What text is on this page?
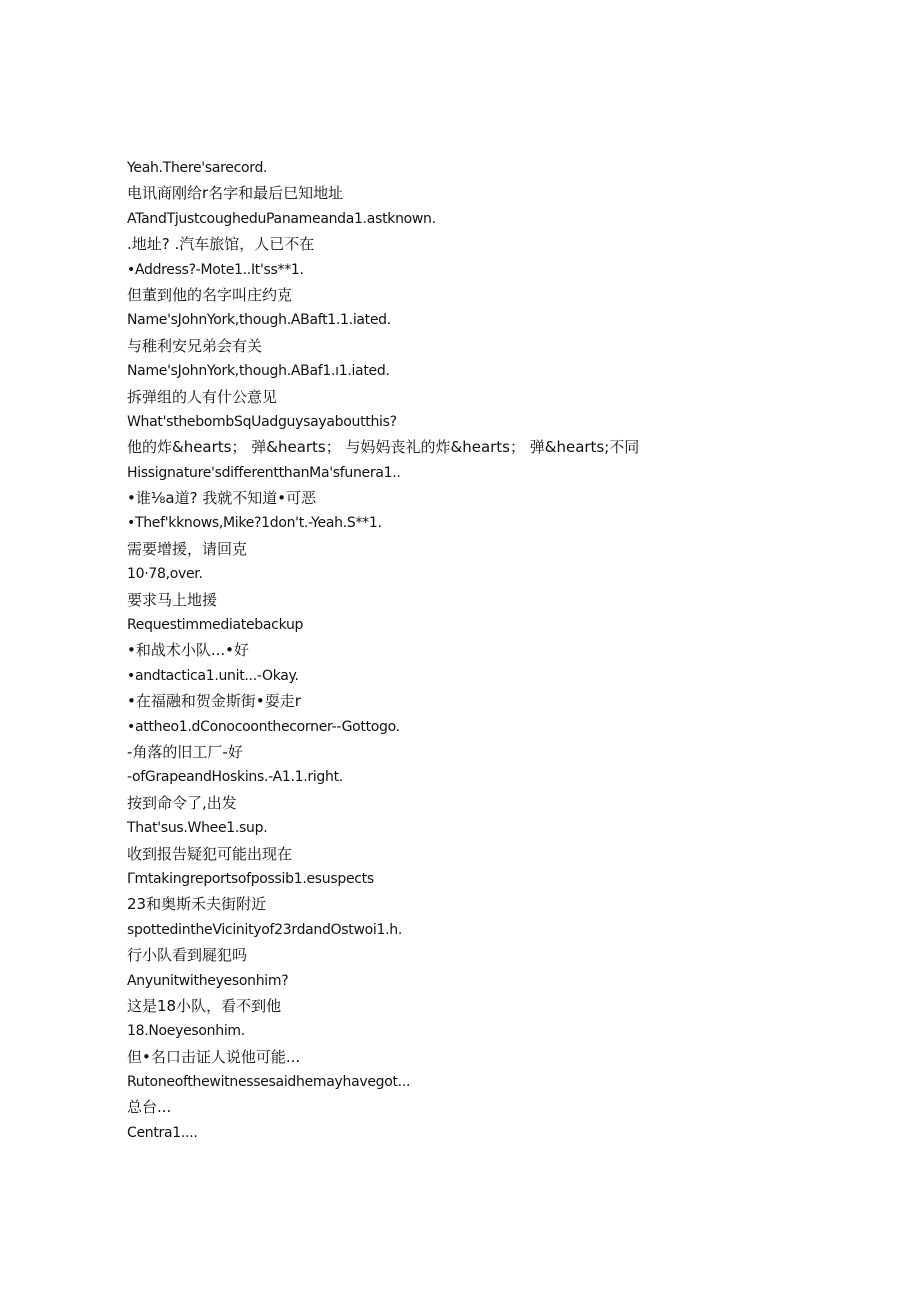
Yeah.There'sarecord.
电讯商刚给r名字和最后巳知地址
ATandTjustcougheduPanameanda1.astknown.
.地址? .汽车旅馆，人已不在
•Address?-Mote1..It'ss**1.
但董到他的名字叫庄约克
Name'sJohnYork,though.ABaft1.1.iated.
与稚利安兄弟会有关
Name'sJohnYork,though.ABaf1.ı1.iated.
拆弹组的人有什公意见
What'sthebombSqUadguysayaboutthis?
他的炸&hearts； 弹&hearts； 与妈妈丧礼的炸&hearts； 弹&hearts;不同
Hissignature'sdifferentthanMa'sfunera1..
•谁⅛a道? 我就不知道•可恶
•Thef'kknows,Mike?1don't.-Yeah.S**1.
需要增援，请回克
10·78,over.
要求马上地援
Requestimmediatebackup
•和战术小队...•好
•andtactica1.unit...-Okay.
•在福融和贺金斯街•耍走r
•attheo1.dConocoonthecorner--Gottogo.
-角落的旧工厂-好
-ofGrapeandHoskins.-A1.1.right.
按到命令了,出发
That'sus.Whee1.sup.
收到报告疑犯可能出现在
Γmtakingreportsofpossib1.esuspects
23和奥斯禾夫街附近
spottedintheVicinityof23rdandOstwoi1.h.
行小队看到屣犯吗
Anyunitwitheyesonhim?
这是18小队，看不到他
18.Noeyesonhim.
但•名口击证人说他可能...
Rutoneofthewitnessesaidhemayhavegot...
总台...
Centra1....
